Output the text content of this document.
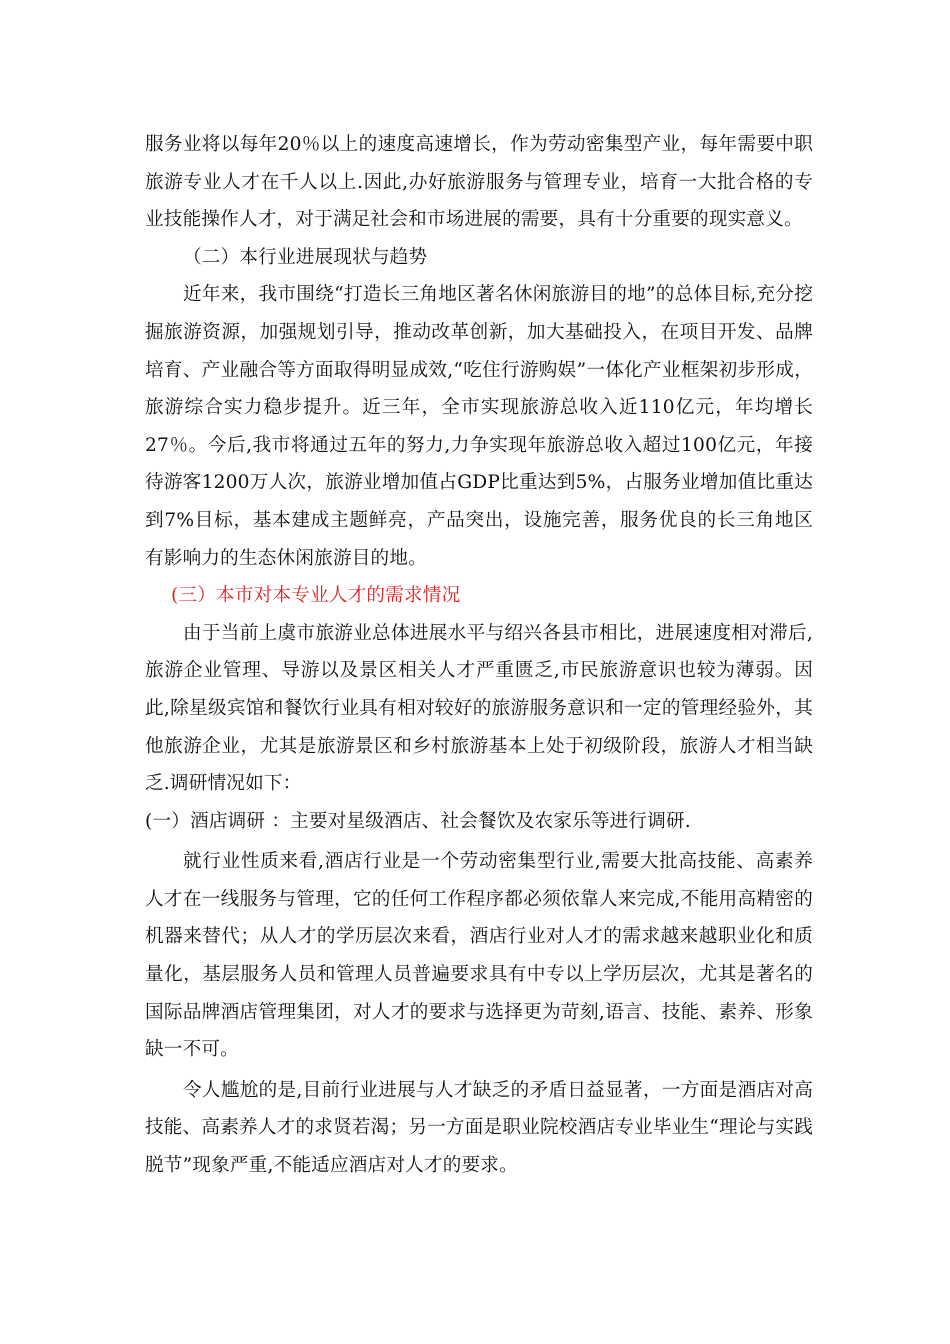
服务业将以每年20％以上的速度高速增长，作为劳动密集型产业，每年需要中职旅游专业人才在千人以上.因此,办好旅游服务与管理专业，培育一大批合格的专业技能操作人才，对于满足社会和市场进展的需要，具有十分重要的现实意义。

（二）本行业进展现状与趋势

近年来，我市围绕“打造长三角地区著名休闲旅游目的地”的总体目标,充分挖掘旅游资源，加强规划引导，推动改革创新，加大基础投入，在项目开发、品牌培育、产业融合等方面取得明显成效,“吃住行游购娱”一体化产业框架初步形成，旅游综合实力稳步提升。近三年，全市实现旅游总收入近110亿元，年均增长27％。今后,我市将通过五年的努力,力争实现年旅游总收入超过100亿元，年接待游客1200万人次，旅游业增加值占GDP比重达到5%，占服务业增加值比重达到7%目标，基本建成主题鲜亮，产品突出，设施完善，服务优良的长三角地区有影响力的生态休闲旅游目的地。

(三）本市对本专业人才的需求情况

由于当前上虞市旅游业总体进展水平与绍兴各县市相比，进展速度相对滞后,旅游企业管理、导游以及景区相关人才严重匮乏,市民旅游意识也较为薄弱。因此,除星级宾馆和餐饮行业具有相对较好的旅游服务意识和一定的管理经验外，其他旅游企业，尤其是旅游景区和乡村旅游基本上处于初级阶段，旅游人才相当缺乏.调研情况如下：

(一）酒店调研 ：主要对星级酒店、社会餐饮及农家乐等进行调研.

就行业性质来看,酒店行业是一个劳动密集型行业,需要大批高技能、高素养人才在一线服务与管理，它的任何工作程序都必须依靠人来完成,不能用高精密的机器来替代；从人才的学历层次来看，酒店行业对人才的需求越来越职业化和质量化，基层服务人员和管理人员普遍要求具有中专以上学历层次，尤其是著名的国际品牌酒店管理集团，对人才的要求与选择更为苛刻,语言、技能、素养、形象缺一不可。

令人尴尬的是,目前行业进展与人才缺乏的矛盾日益显著，一方面是酒店对高技能、高素养人才的求贤若渴；另一方面是职业院校酒店专业毕业生“理论与实践脱节”现象严重,不能适应酒店对人才的要求。
